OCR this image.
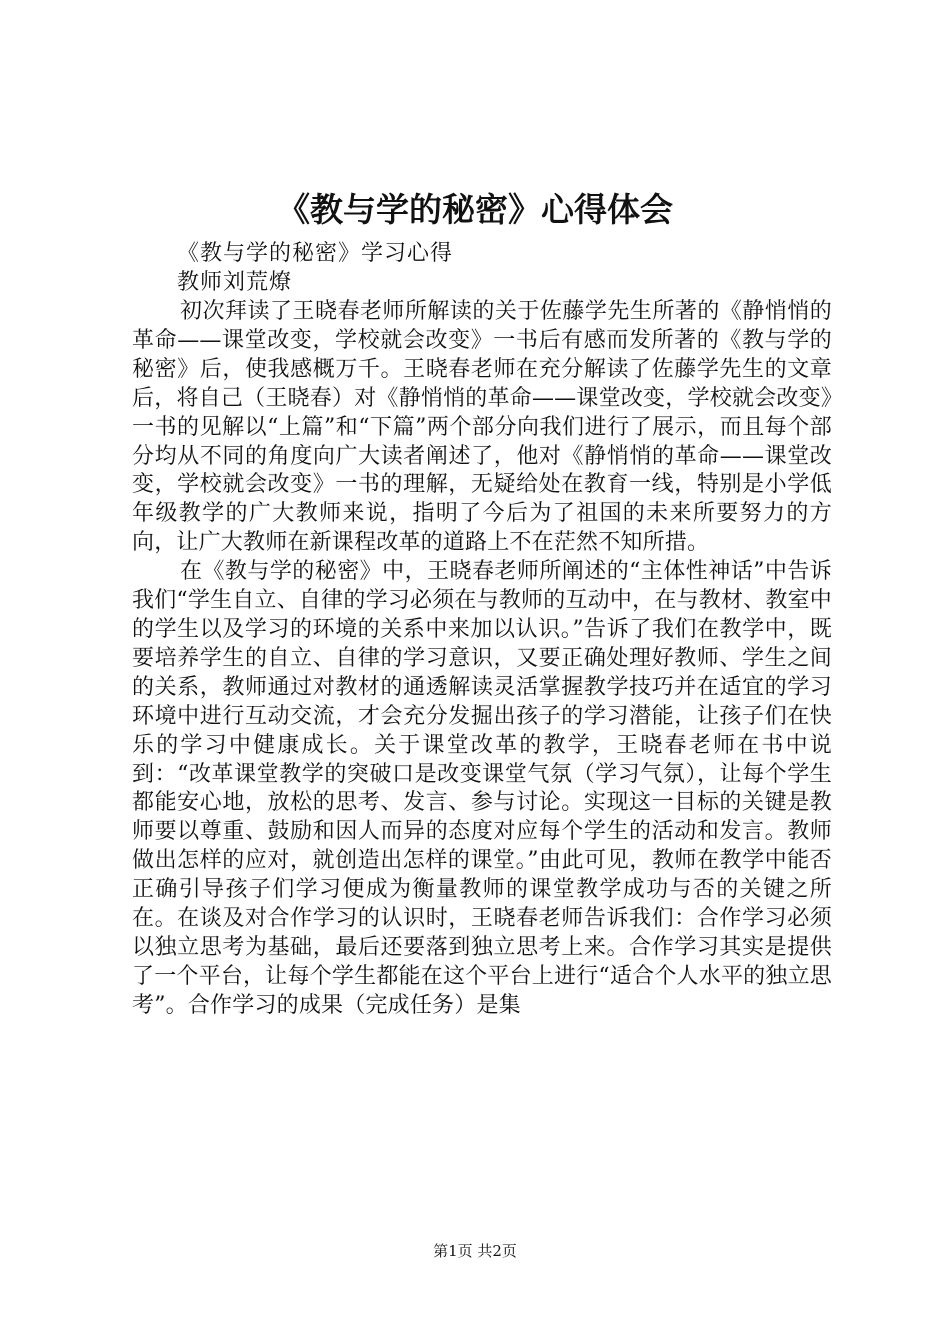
《教与学的秘密》心得体会

《教与学的秘密》学习心得

教师刘荒燎

初次拜读了王晓春老师所解读的关于佐藤学先生所著的《静悄悄的革命——课堂改变，学校就会改变》一书后有感而发所著的《教与学的秘密》后，使我感概万千。王晓春老师在充分解读了佐藤学先生的文章后，将自己（王晓春）对《静悄悄的革命——课堂改变，学校就会改变》一书的见解以“上篇”和“下篇”两个部分向我们进行了展示，而且每个部分均从不同的角度向广大读者阐述了，他对《静悄悄的革命——课堂改变，学校就会改变》一书的理解，无疑给处在教育一线，特别是小学低年级教学的广大教师来说，指明了今后为了祖国的未来所要努力的方向，让广大教师在新课程改革的道路上不在茫然不知所措。

在《教与学的秘密》中，王晓春老师所阐述的“主体性神话”中告诉我们“学生自立、自律的学习必须在与教师的互动中，在与教材、教室中的学生以及学习的环境的关系中来加以认识。”告诉了我们在教学中，既要培养学生的自立、自律的学习意识，又要正确处理好教师、学生之间的关系，教师通过对教材的通透解读灵活掌握教学技巧并在适宜的学习环境中进行互动交流，才会充分发掘出孩子的学习潜能，让孩子们在快乐的学习中健康成长。关于课堂改革的教学，王晓春老师在书中说到：“改革课堂教学的突破口是改变课堂气氛（学习气氛），让每个学生都能安心地，放松的思考、发言、参与讨论。实现这一目标的关键是教师要以尊重、鼓励和因人而异的态度对应每个学生的活动和发言。教师做出怎样的应对，就创造出怎样的课堂。”由此可见，教师在教学中能否正确引导孩子们学习便成为衡量教师的课堂教学成功与否的关键之所在。在谈及对合作学习的认识时，王晓春老师告诉我们：合作学习必须以独立思考为基础，最后还要落到独立思考上来。合作学习其实是提供了一个平台，让每个学生都能在这个平台上进行“适合个人水平的独立思考”。合作学习的成果（完成任务）是集

第1页 共2页
